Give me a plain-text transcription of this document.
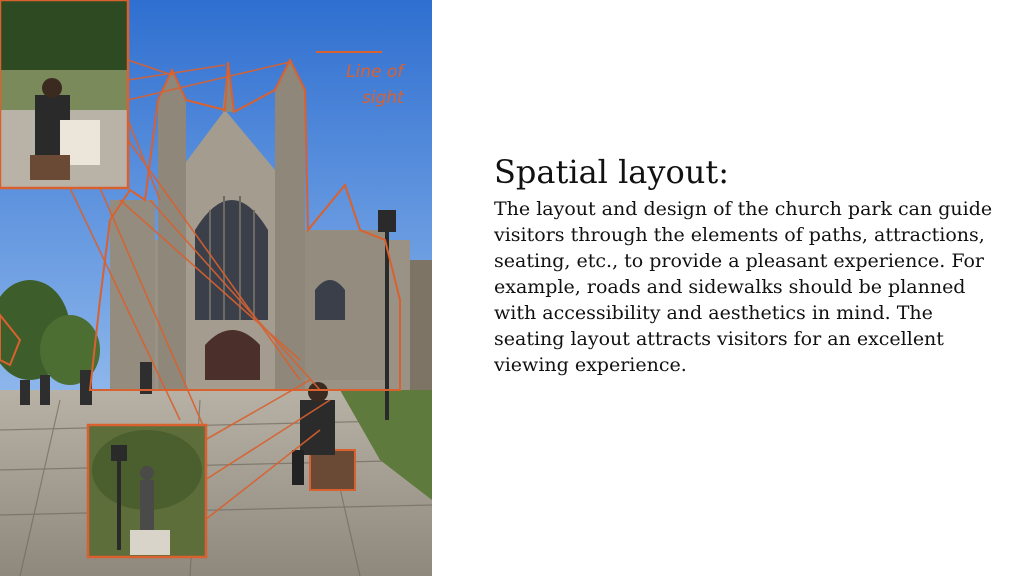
Line of
sight
Spatial layout:

The layout and design of the church park can guide visitors through the elements of paths, attractions, seating, etc., to provide a pleasant experience. For example, roads and sidewalks should be planned with accessibility and aesthetics in mind. The seating layout attracts visitors for an excellent viewing experience.
